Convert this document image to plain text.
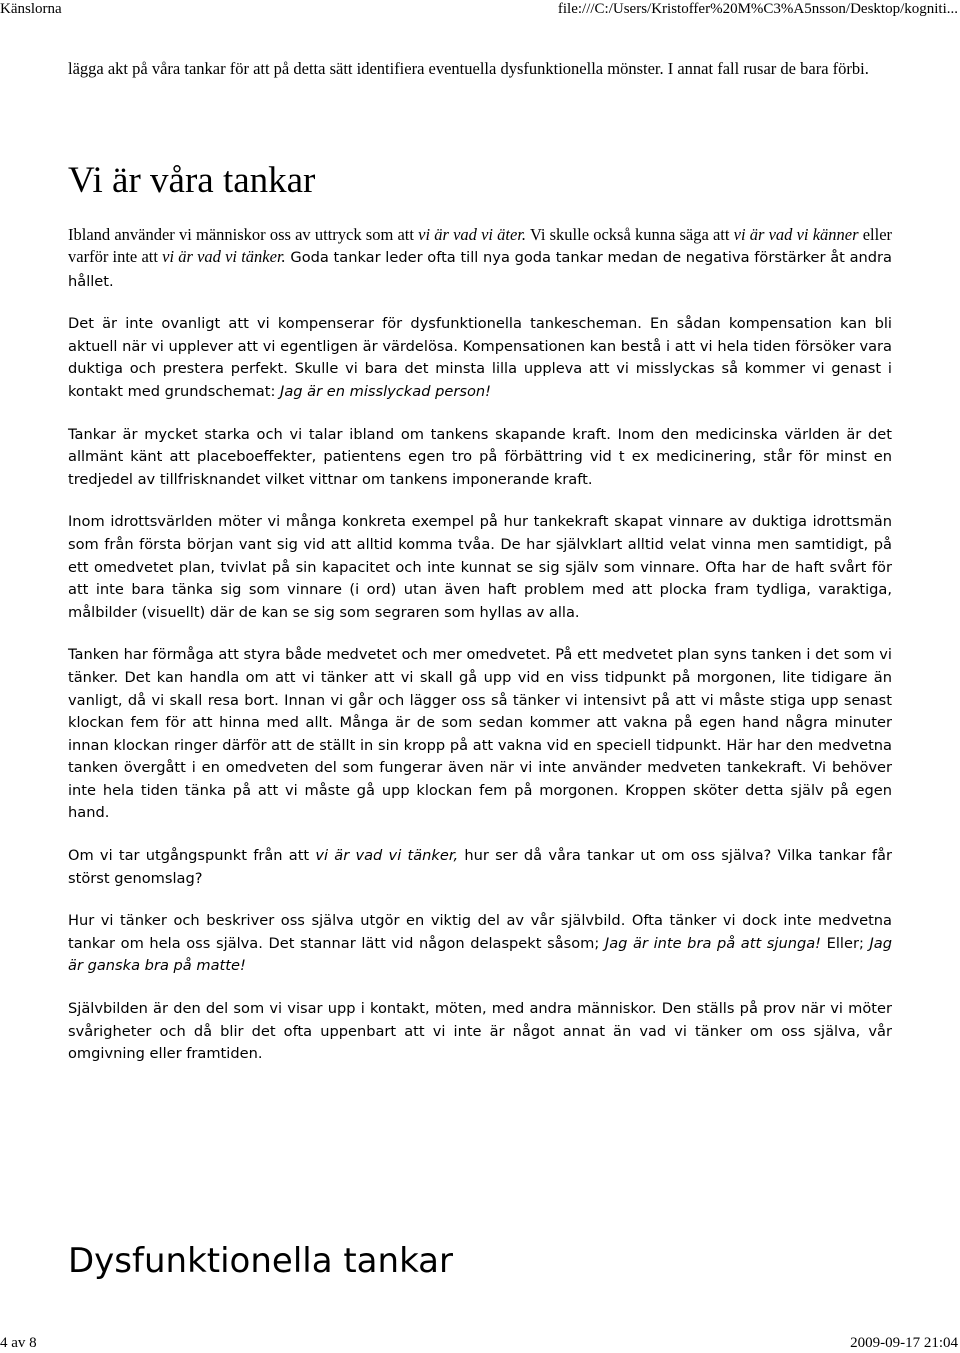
Känslorna	file:///C:/Users/Kristoffer%20M%C3%A5nsson/Desktop/kogniti...

lägga akt på våra tankar för att på detta sätt identifiera eventuella dysfunktionella mönster. I annat fall rusar de bara förbi.

Vi är våra tankar

Ibland använder vi människor oss av uttryck som att vi är vad vi äter. Vi skulle också kunna säga att vi är vad vi känner eller varför inte att vi är vad vi tänker. Goda tankar leder ofta till nya goda tankar medan de negativa förstärker åt andra hållet.

Det är inte ovanligt att vi kompenserar för dysfunktionella tankescheman. En sådan kompensation kan bli aktuell när vi upplever att vi egentligen är värdelösa. Kompensationen kan bestå i att vi hela tiden försöker vara duktiga och prestera perfekt. Skulle vi bara det minsta lilla uppleva att vi misslyckas så kommer vi genast i kontakt med grundschemat: Jag är en misslyckad person!

Tankar är mycket starka och vi talar ibland om tankens skapande kraft. Inom den medicinska världen är det allmänt känt att placeboeffekter, patientens egen tro på förbättring vid t ex medicinering, står för minst en tredjedel av tillfrisknandet vilket vittnar om tankens imponerande kraft.

Inom idrottsvärlden möter vi många konkreta exempel på hur tankekraft skapat vinnare av duktiga idrottsmän som från första början vant sig vid att alltid komma tvåa. De har självklart alltid velat vinna men samtidigt, på ett omedvetet plan, tvivlat på sin kapacitet och inte kunnat se sig själv som vinnare. Ofta har de haft svårt för att inte bara tänka sig som vinnare (i ord) utan även haft problem med att plocka fram tydliga, varaktiga, målbilder (visuellt) där de kan se sig som segraren som hyllas av alla.

Tanken har förmåga att styra både medvetet och mer omedvetet. På ett medvetet plan syns tanken i det som vi tänker. Det kan handla om att vi tänker att vi skall gå upp vid en viss tidpunkt på morgonen, lite tidigare än vanligt, då vi skall resa bort. Innan vi går och lägger oss så tänker vi intensivt på att vi måste stiga upp senast klockan fem för att hinna med allt. Många är de som sedan kommer att vakna på egen hand några minuter innan klockan ringer därför att de ställt in sin kropp på att vakna vid en speciell tidpunkt. Här har den medvetna tanken övergått i en omedveten del som fungerar även när vi inte använder medveten tankekraft. Vi behöver inte hela tiden tänka på att vi måste gå upp klockan fem på morgonen. Kroppen sköter detta själv på egen hand.

Om vi tar utgångspunkt från att vi är vad vi tänker, hur ser då våra tankar ut om oss själva? Vilka tankar får störst genomslag?

Hur vi tänker och beskriver oss själva utgör en viktig del av vår självbild. Ofta tänker vi dock inte medvetna tankar om hela oss själva. Det stannar lätt vid någon delaspekt såsom; Jag är inte bra på att sjunga! Eller; Jag är ganska bra på matte!

Självbilden är den del som vi visar upp i kontakt, möten, med andra människor. Den ställs på prov när vi möter svårigheter och då blir det ofta uppenbart att vi inte är något annat än vad vi tänker om oss själva, vår omgivning eller framtiden.

Dysfunktionella tankar
4 av 8	2009-09-17 21:04
